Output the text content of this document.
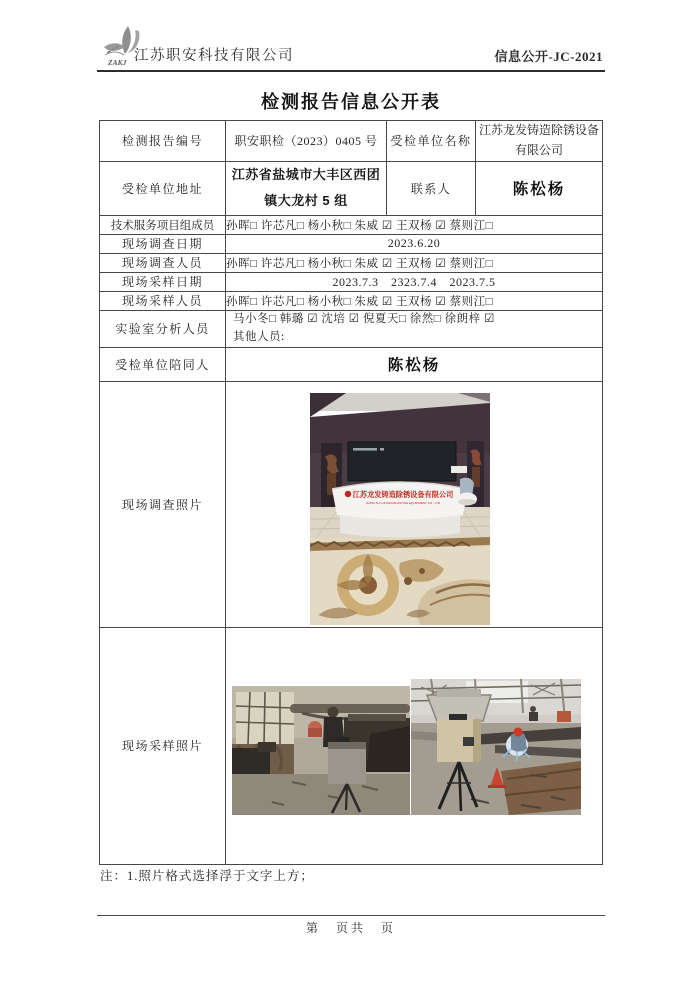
ZAKJ 江苏职安科技有限公司	信息公开-JC-2021
检测报告信息公开表
检测报告编号	职安职检（2023）0405 号	受检单位名称	江苏龙发铸造除锈设备有限公司
受检单位地址	江苏省盐城市大丰区西团镇大龙村 5 组	联系人	陈松杨
技术服务项目组成员	孙晖□ 许芯凡□ 杨小秋□ 朱威 ☑ 王双杨 ☑ 蔡则江□		
现场调查日期	2023.6.20		
现场调查人员	孙晖□ 许芯凡□ 杨小秋□ 朱威 ☑ 王双杨 ☑ 蔡则江□		
现场采样日期	2023.7.3　2323.7.4　2023.7.5		
现场采样人员	孙晖□ 许芯凡□ 杨小秋□ 朱威 ☑ 王双杨 ☑ 蔡则江□		
实验室分析人员	马小冬□ 韩璐 ☑ 沈培 ☑ 倪夏天□ 徐然□ 徐朗梓 ☑
其他人员:		

受检单位陪同人	陈松杨		
现场调查照片	江苏龙发铸造除锈设备有限公司
JIANG SU LONGFA BLASTING EQUIPMENT CO., LTD		

现场采样照片	
注：1.照片格式选择浮于文字上方；
第　页共　页
